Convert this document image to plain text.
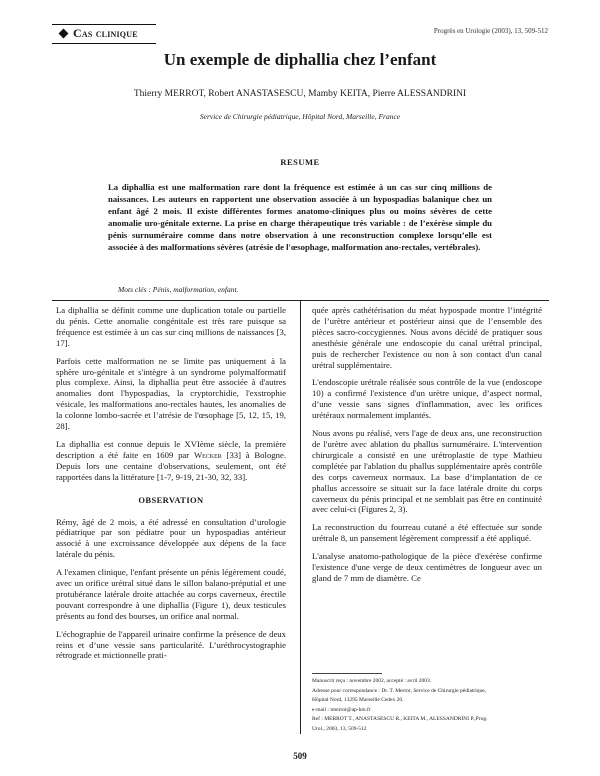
Cas clinique	Progrès en Urologie (2003), 13, 509-512
Un exemple de diphallia chez l’enfant
Thierry MERROT, Robert ANASTASESCU, Mamby KEITA, Pierre ALESSANDRINI
Service de Chirurgie pédiatrique, Hôpital Nord, Marseille, France
RESUME

La diphallia est une malformation rare dont la fréquence est estimée à un cas sur cinq millions de naissances. Les auteurs en rapportent une observation associée à un hypospadias balanique chez un enfant âgé 2 mois. Il existe différentes formes anatomo-cliniques plus ou moins sévères de cette anomalie uro-génitale externe. La prise en charge thérapeutique très variable : de l’exérèse simple du pénis surnuméraire comme dans notre observation à une reconstruction complexe lorsqu’elle est associée à des malformations sévères (atrésie de l'œsophage, malformation ano-rectales, vertébrales).

Mots clés : Pénis, malformation, enfant.

La diphallia se définit comme une duplication totale ou partielle du pénis. Cette anomalie congénitale est très rare puisque sa fréquence est estimée à un cas sur cinq millions de naissances [3, 17].

Parfois cette malformation ne se limite pas uniquement à la sphère uro-génitale et s'intègre à un syndrome polymalformatif plus complexe. Ainsi, la diphallia peut être associée à d'autres anomalies dont l'hypospadias, la cryptorchidie, l'exstrophie vésicale, les malformations ano-rectales hautes, les anomalies de la colonne lombo-sacrée et l’atrésie de l'œsophage [5, 12, 15, 19, 28].

La diphallia est connue depuis le XVIème siècle, la première description a été faite en 1609 par Wecker [33] à Bologne. Depuis lors une centaine d'observations, seulement, ont été rapportées dans la littérature [1-7, 9-19, 21-30, 32, 33].

OBSERVATION

Rémy, âgé de 2 mois, a été adressé en consultation d’urologie pédiatrique par son pédiatre pour un hypospadias antérieur associé à une excroissance développée aux dépens de la face latérale du pénis.

A l'examen clinique, l'enfant présente un pénis légèrement coudé, avec un orifice urétral situé dans le sillon balano-préputial et une protubérance latérale droite attachée au corps caverneux, érectile pouvant correspondre à une diphallia (Figure 1), deux testicules présents au fond des bourses, un orifice anal normal.

L'échographie de l'appareil urinaire confirme la présence de deux reins et d’une vessie sans particularité. L’uréthrocystographie rétrograde et mictionnelle prati-

quée après cathétérisation du méat hypospade montre l’intégrité de l’urètre antérieur et postérieur ainsi que de l’ensemble des pièces sacro-coccygiennes. Nous avons décidé de pratiquer sous anesthésie générale une endoscopie du canal urétral principal, puis de rechercher l'existence ou non à son contact d'un canal urétral supplémentaire.

L'endoscopie urétrale réalisée sous contrôle de la vue (endoscope 10) a confirmé l'existence d'un urètre unique, d’aspect normal, d’une vessie sans signes d'inflammation, avec les orifices urétéraux normalement implantés.

Nous avons pu réalisé, vers l'age de deux ans, une reconstruction de l'urètre avec ablation du phallus surnuméraire. L'intervention chirurgicale a consisté en une urétroplastie de type Mathieu complétée par l'ablation du phallus supplémentaire après contrôle des corps caverneux normaux. La base d’implantation de ce phallus accessoire se situait sur la face latérale droite du corps caverneux du pénis principal et ne semblait pas être en continuité avec celui-ci (Figures 2, 3).

La reconstruction du fourreau cutané a été effectuée sur sonde urétrale 8, un pansement légèrement compressif a été appliqué.

L'analyse anatomo-pathologique de la pièce d'exérèse confirme l'existence d'une verge de deux centimètres de longueur avec un gland de 7 mm de diamètre. Ce

Manuscrit reçu : novembre 2002, accepté : avril 2003.

Adresse pour correspondance : Dr. T. Merrot, Service de Chirurgie pédiatrique,

Hôpital Nord, 13295 Marseille Cedex 20.

e-mail : tmerrot@ap-hm.fr

Ref : MERROT T., ANASTASESCU R., KEITA M., ALESSANDRINI P.,Prog.

Urol., 2003, 13, 509-512

509
